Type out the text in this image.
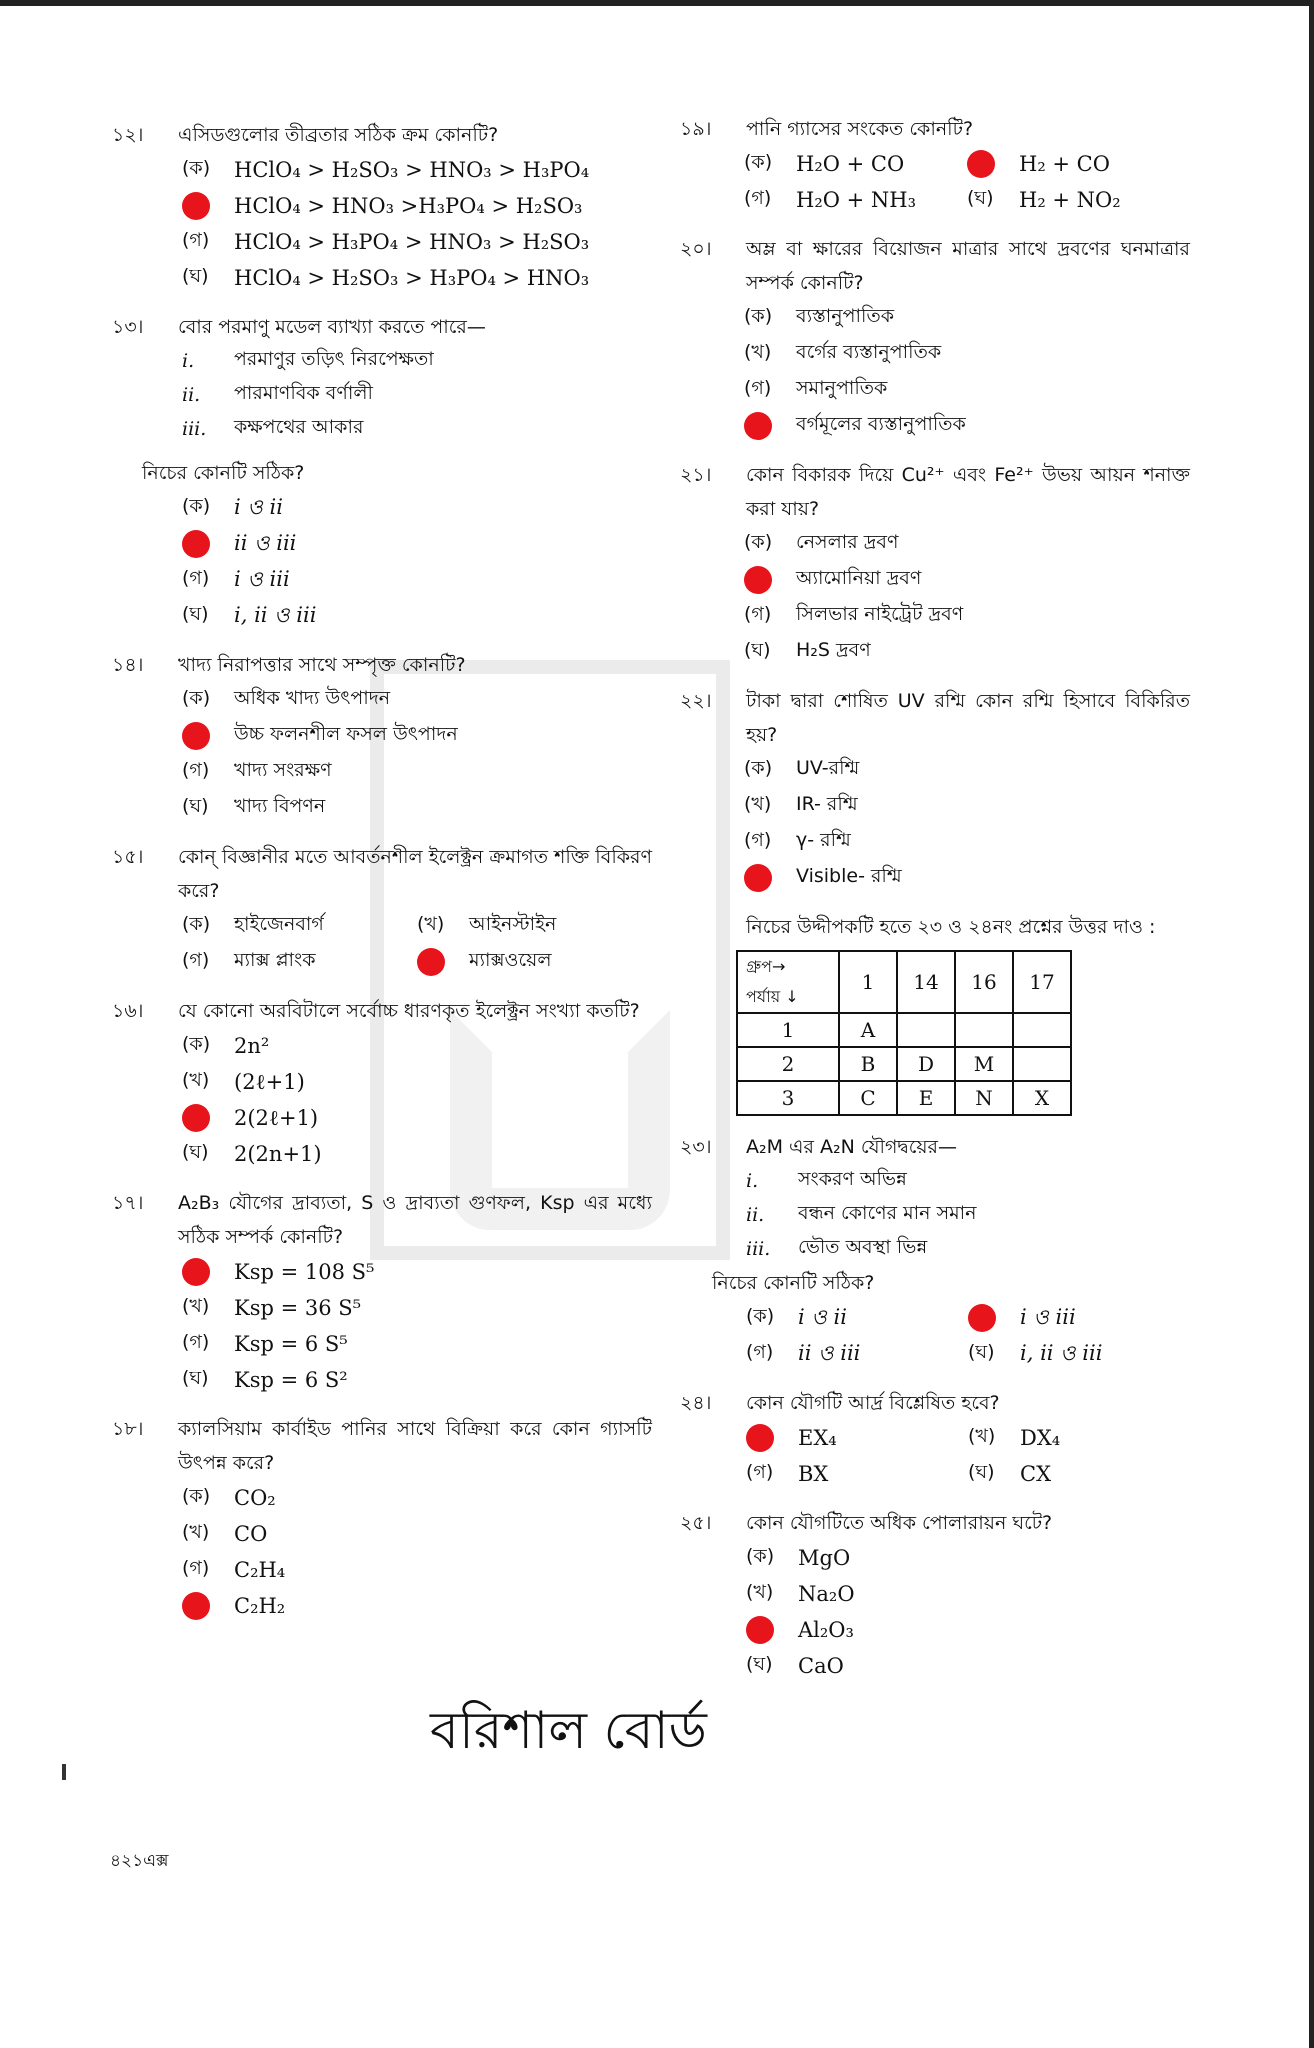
১২।	এসিডগুলোর তীব্রতার সঠিক ক্রম কোনটি?
(ক)	HClO₄ > H₂SO₃ > HNO₃ > H₃PO₄
HClO₄ > HNO₃ >H₃PO₄ > H₂SO₃
(গ)	HClO₄ > H₃PO₄ > HNO₃ > H₂SO₃
(ঘ)	HClO₄ > H₂SO₃ > H₃PO₄ > HNO₃
১৩।	বোর পরমাণু মডেল ব্যাখ্যা করতে পারে—
i.	পরমাণুর তড়িৎ নিরপেক্ষতা
ii.	পারমাণবিক বর্ণালী
iii.	কক্ষপথের আকার
নিচের কোনটি সঠিক?
(ক)	i ও ii
ii ও iii
(গ)	i ও iii
(ঘ)	i, ii ও iii
১৪।	খাদ্য নিরাপত্তার সাথে সম্পৃক্ত কোনটি?
(ক)	অধিক খাদ্য উৎপাদন
উচ্চ ফলনশীল ফসল উৎপাদন
(গ)	খাদ্য সংরক্ষণ
(ঘ)	খাদ্য বিপণন
১৫।	কোন্ বিজ্ঞানীর মতে আবর্তনশীল ইলেক্ট্রন ক্রমাগত শক্তি বিকিরণ করে?
(ক)	হাইজেনবার্গ	(খ)	আইনস্টাইন
(গ)	ম্যাক্স প্লাংক	ম্যাক্সওয়েল
১৬।	যে কোনো অরবিটালে সর্বোচ্চ ধারণকৃত ইলেক্ট্রন সংখ্যা কতটি?
(ক)	2n²
(খ)	(2ℓ+1)
2(2ℓ+1)
(ঘ)	2(2n+1)
১৭।	A₂B₃ যৌগের দ্রাব্যতা, S ও দ্রাব্যতা গুণফল, Ksp এর মধ্যে সঠিক সম্পর্ক কোনটি?
Ksp = 108 S⁵
(খ)	Ksp = 36 S⁵
(গ)	Ksp = 6 S⁵
(ঘ)	Ksp = 6 S²
১৮।	ক্যালসিয়াম কার্বাইড পানির সাথে বিক্রিয়া করে কোন গ্যাসটি উৎপন্ন করে?
(ক)	CO₂
(খ)	CO
(গ)	C₂H₄
C₂H₂
১৯।	পানি গ্যাসের সংকেত কোনটি?
(ক)	H₂O + CO	H₂ + CO
(গ)	H₂O + NH₃	(ঘ)	H₂ + NO₂
২০।	অম্ল বা ক্ষারের বিয়োজন মাত্রার সাথে দ্রবণের ঘনমাত্রার সম্পর্ক কোনটি?
(ক)	ব্যস্তানুপাতিক
(খ)	বর্গের ব্যস্তানুপাতিক
(গ)	সমানুপাতিক
বর্গমূলের ব্যস্তানুপাতিক
২১।	কোন বিকারক দিয়ে Cu²⁺ এবং Fe²⁺ উভয় আয়ন শনাক্ত করা যায়?
(ক)	নেসলার দ্রবণ
অ্যামোনিয়া দ্রবণ
(গ)	সিলভার নাইট্রেট দ্রবণ
(ঘ)	H₂S দ্রবণ
২২।	টাকা দ্বারা শোষিত UV রশ্মি কোন রশ্মি হিসাবে বিকিরিত হয়?
(ক)	UV-রশ্মি
(খ)	IR- রশ্মি
(গ)	γ- রশ্মি
Visible- রশ্মি
নিচের উদ্দীপকটি হতে ২৩ ও ২৪নং প্রশ্নের উত্তর দাও :
গ্রুপ→
পর্যায় ↓	1	14	16	17
1	A			
2	B	D	M	
3	C	E	N	X
২৩।	A₂M এর A₂N যৌগদ্বয়ের—
i.	সংকরণ অভিন্ন
ii.	বন্ধন কোণের মান সমান
iii.	ভৌত অবস্থা ভিন্ন
নিচের কোনটি সঠিক?
(ক)	i ও ii	i ও iii
(গ)	ii ও iii	(ঘ)	i, ii ও iii
২৪।	কোন যৌগটি আর্দ্র বিশ্লেষিত হবে?
EX₄	(খ)	DX₄
(গ)	BX	(ঘ)	CX
২৫।	কোন যৌগটিতে অধিক পোলারায়ন ঘটে?
(ক)	MgO
(খ)	Na₂O
Al₂O₃
(ঘ)	CaO
বরিশাল বোর্ড
৪২১এক্স
